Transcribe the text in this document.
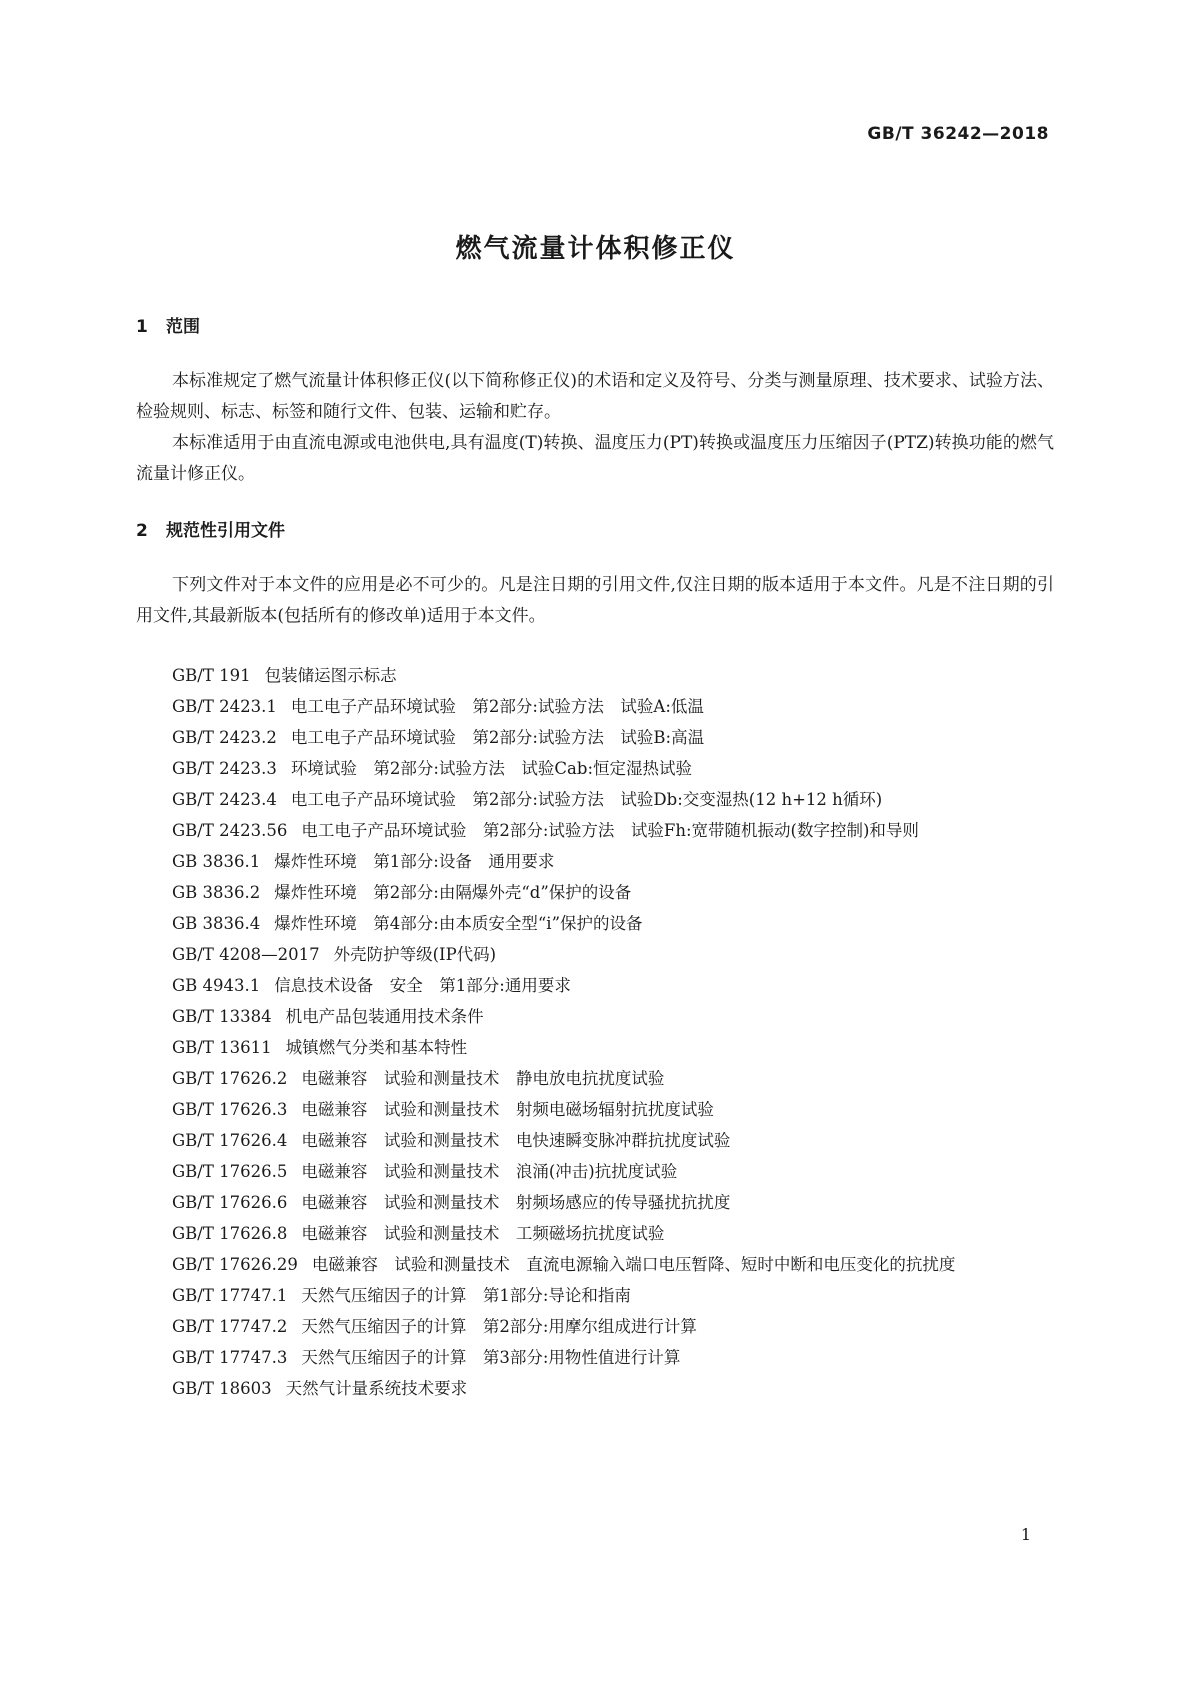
GB/T 36242—2018
燃气流量计体积修正仪
1 范围

本标准规定了燃气流量计体积修正仪(以下简称修正仪)的术语和定义及符号、分类与测量原理、技术要求、试验方法、检验规则、标志、标签和随行文件、包装、运输和贮存。

本标准适用于由直流电源或电池供电,具有温度(T)转换、温度压力(PT)转换或温度压力压缩因子(PTZ)转换功能的燃气流量计修正仪。

2 规范性引用文件

下列文件对于本文件的应用是必不可少的。凡是注日期的引用文件,仅注日期的版本适用于本文件。凡是不注日期的引用文件,其最新版本(包括所有的修改单)适用于本文件。

GB/T 191 包装储运图示标志
GB/T 2423.1 电工电子产品环境试验　第2部分:试验方法　试验A:低温
GB/T 2423.2 电工电子产品环境试验　第2部分:试验方法　试验B:高温
GB/T 2423.3 环境试验　第2部分:试验方法　试验Cab:恒定湿热试验
GB/T 2423.4 电工电子产品环境试验　第2部分:试验方法　试验Db:交变湿热(12 h+12 h循环)
GB/T 2423.56 电工电子产品环境试验　第2部分:试验方法　试验Fh:宽带随机振动(数字控制)和导则
GB 3836.1 爆炸性环境　第1部分:设备　通用要求
GB 3836.2 爆炸性环境　第2部分:由隔爆外壳“d”保护的设备
GB 3836.4 爆炸性环境　第4部分:由本质安全型“i”保护的设备
GB/T 4208—2017 外壳防护等级(IP代码)
GB 4943.1 信息技术设备　安全　第1部分:通用要求
GB/T 13384 机电产品包装通用技术条件
GB/T 13611 城镇燃气分类和基本特性
GB/T 17626.2 电磁兼容　试验和测量技术　静电放电抗扰度试验
GB/T 17626.3 电磁兼容　试验和测量技术　射频电磁场辐射抗扰度试验
GB/T 17626.4 电磁兼容　试验和测量技术　电快速瞬变脉冲群抗扰度试验
GB/T 17626.5 电磁兼容　试验和测量技术　浪涌(冲击)抗扰度试验
GB/T 17626.6 电磁兼容　试验和测量技术　射频场感应的传导骚扰抗扰度
GB/T 17626.8 电磁兼容　试验和测量技术　工频磁场抗扰度试验
GB/T 17626.29 电磁兼容　试验和测量技术　直流电源输入端口电压暂降、短时中断和电压变化的抗扰度
GB/T 17747.1 天然气压缩因子的计算　第1部分:导论和指南
GB/T 17747.2 天然气压缩因子的计算　第2部分:用摩尔组成进行计算
GB/T 17747.3 天然气压缩因子的计算　第3部分:用物性值进行计算
GB/T 18603 天然气计量系统技术要求
1
